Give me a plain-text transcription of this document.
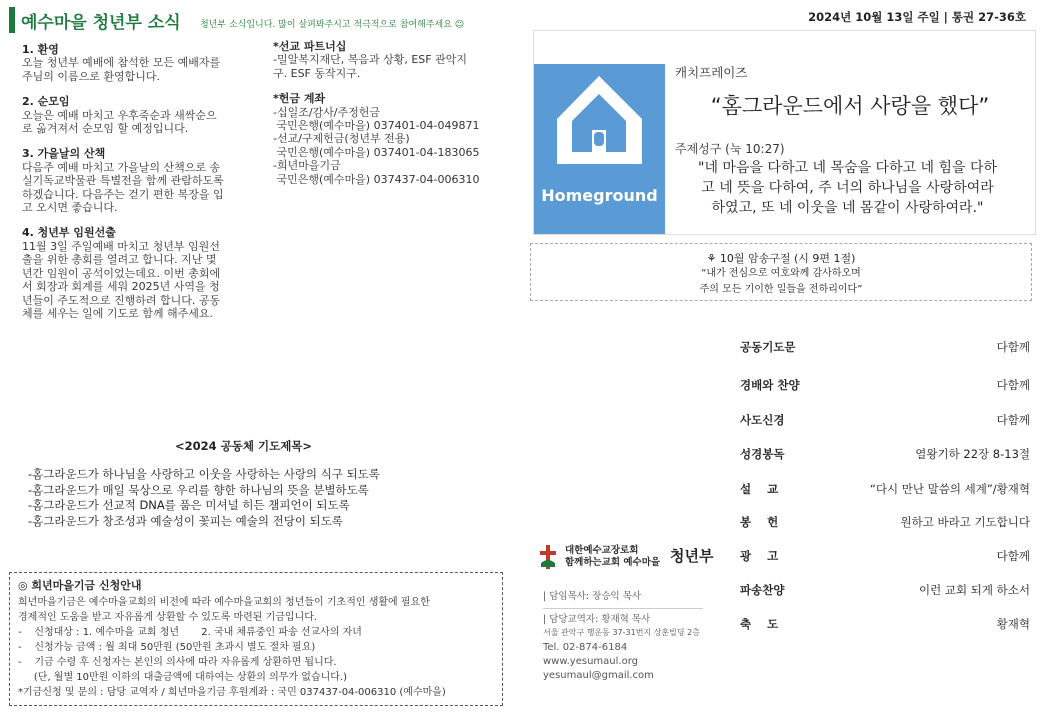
예수마을 청년부 소식 청년부 소식입니다. 많이 살펴봐주시고 적극적으로 참여해주세요 ☺
2024년 10월 13일 주일 | 통권 27-36호
1. 환영

오늘 청년부 예배에 참석한 모든 예배자를
주님의 이름으로 환영합니다.

2. 순모임

오늘은 예배 마치고 우후죽순과 새싹순으
로 옮겨져서 순모임 할 예정입니다.

3. 가을날의 산책

다음주 예배 마치고 가을날의 산책으로 송
실기독교박물관 특별전을 함께 관람하도록
하겠습니다. 다음주는 걷기 편한 복장을 입
고 오시면 좋습니다.

4. 청년부 임원선출

11월 3일 주일예배 마치고 청년부 임원선
출을 위한 총회를 열려고 합니다. 지난 몇
년간 임원이 공석이었는데요. 이번 총회에
서 회장과 회계를 세워 2025년 사역을 청
년들이 주도적으로 진행하려 합니다. 공동
체를 세우는 일에 기도로 함께 해주세요.

*선교 파트너십
-밀알복지재단, 복음과 상황, ESF 관악지
구. ESF 동작지구.
*헌금 계좌
-십일조/감사/주정헌금
국민은행(예수마을) 037401-04-049871
-선교/구제헌금(청년부 전용)
국민은행(예수마을) 037401-04-183065
-희년마을기금
국민은행(예수마을) 037437-04-006310
<2024 공동체 기도제목>
-홈그라운드가 하나님을 사랑하고 이웃을 사랑하는 사랑의 식구 되도록
-홈그라운드가 매일 묵상으로 우리를 향한 하나님의 뜻을 분별하도록
-홈그라운드가 선교적 DNA를 품은 미셔널 히든 챔피언이 되도록
-홈그라운드가 창조성과 예술성이 꽃피는 예술의 전당이 되도록
◎ 희년마을기금 신청안내
희년마을기금은 예수마을교회의 비전에 따라 예수마을교회의 청년들이 기초적인 생활에 필요한
경제적인 도움을 받고 자유롭게 상환할 수 있도록 마련된 기금입니다.
-    신청대상 : 1. 예수마을 교회 청년       2. 국내 체류중인 파송 선교사의 자녀
-    신청가능 금액 : 월 최대 50만원 (50만원 초과시 별도 절차 필요)
-    기금 수령 후 신청자는 본인의 의사에 따라 자유롭게 상환하면 됩니다.
(단, 월별 10만원 이하의 대출금액에 대하여는 상환의 의무가 없습니다.)
*기금신청 및 문의 : 담당 교역자 / 희년마을기금 후원계좌 : 국민 037437-04-006310 (예수마을)
Homeground
캐치프레이즈
“홈그라운드에서 사랑을 했다”
주제성구 (눅 10:27)
"네 마음을 다하고 네 목숨을 다하고 네 힘을 다하
고 네 뜻을 다하여, 주 너의 하나님을 사랑하여라
하였고, 또 네 이웃을 네 몸같이 사랑하여라."
⚘ 10월 암송구절 (시 9편 1절)
“내가 전심으로 여호와께 감사하오며
주의 모든 기이한 일들을 전하리이다”
공동기도문	다함께
경배와 찬양	다함께
사도신경	다함께
성경봉독	열왕기하 22장 8-13절
설    교	“다시 만난 말씀의 세계”/황재혁
봉    헌	원하고 바라고 기도합니다
광    고	다함께
파송찬양	이런 교회 되게 하소서
축    도	황재혁
대한예수교장로회
함께하는교회 예수마을 청년부
| 담임목사: 장승익 목사
| 담당교역자: 황재혁 목사
서울 관악구 행운동 37-31번지 상훈빌딩 2층
Tel. 02-874-6184
www.yesumaul.org
yesumaul@gmail.com
